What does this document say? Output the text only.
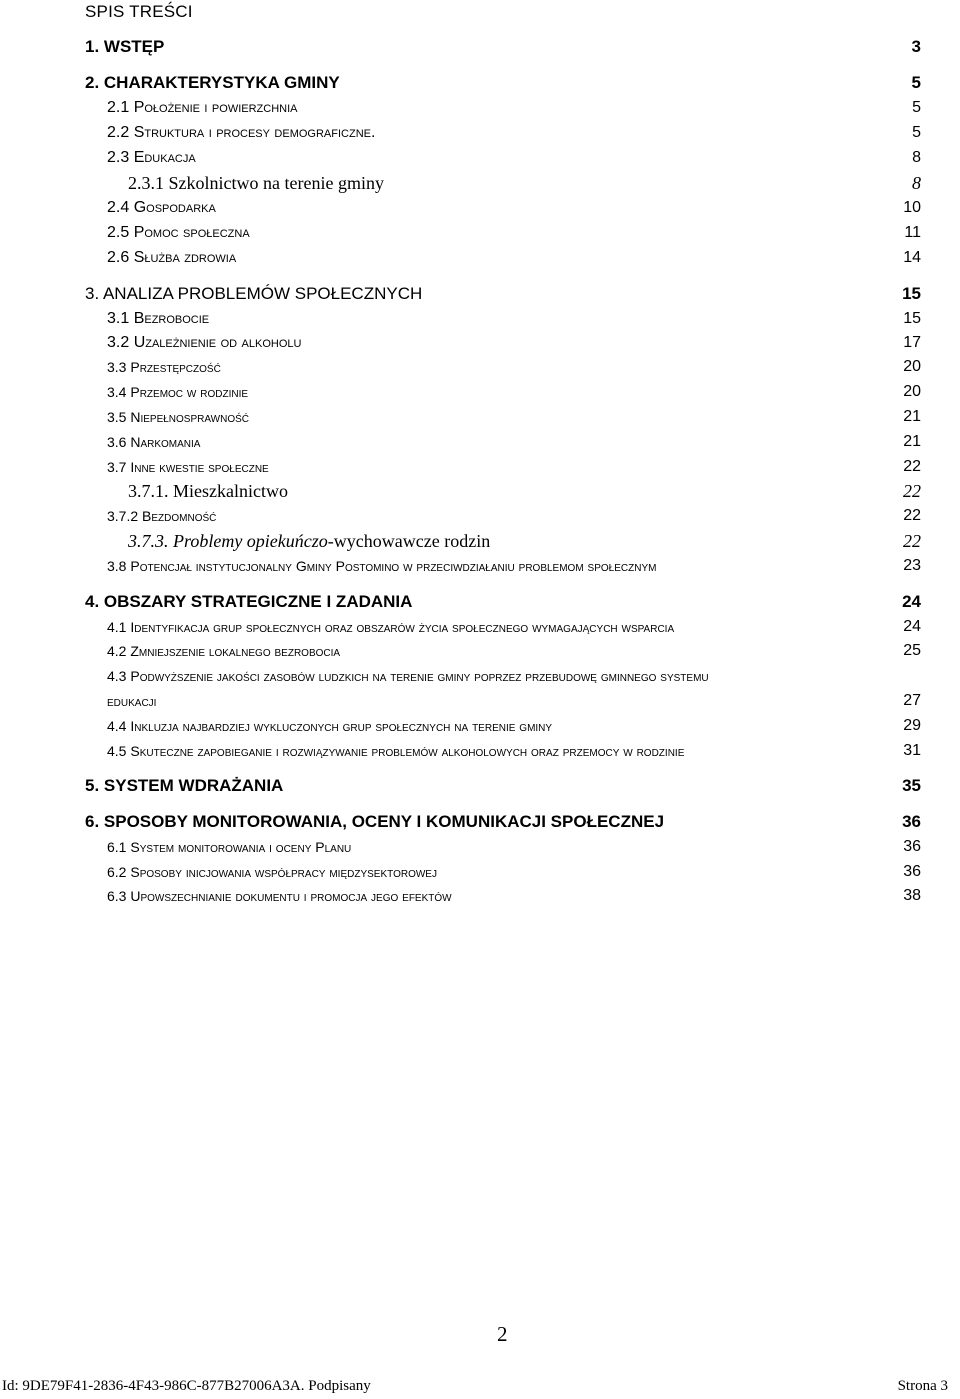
SPIS TREŚCI
1. WSTĘP	3
2. CHARAKTERYSTYKA GMINY	5
2.1 Położenie i powierzchnia	5
2.2 Struktura i procesy demograficzne.	5
2.3 Edukacja	8
2.3.1 Szkolnictwo na terenie gminy	8
2.4 Gospodarka	10
2.5 Pomoc społeczna	11
2.6 Służba zdrowia	14
3. ANALIZA PROBLEMÓW SPOŁECZNYCH	15
3.1 Bezrobocie	15
3.2 Uzależnienie od alkoholu	17
3.3 Przestępczość	20
3.4 Przemoc w rodzinie	20
3.5 Niepełnosprawność	21
3.6 Narkomania	21
3.7 Inne kwestie społeczne	22
3.7.1. Mieszkalnictwo	22
3.7.2 Bezdomność	22
3.7.3. Problemy opiekuńczo-wychowawcze rodzin	22
3.8 Potencjał instytucjonalny Gminy Postomino w przeciwdziałaniu problemom społecznym	23
4. OBSZARY STRATEGICZNE I ZADANIA	24
4.1 Identyfikacja grup społecznych oraz obszarów życia społecznego wymagających wsparcia	24
4.2 Zmniejszenie lokalnego bezrobocia	25
4.3 Podwyższenie jakości zasobów ludzkich na terenie gminy poprzez przebudowę gminnego systemu
edukacji	27
4.4 Inkluzja najbardziej wykluczonych grup społecznych na terenie gminy	29
4.5 Skuteczne zapobieganie i rozwiązywanie problemów alkoholowych oraz przemocy w rodzinie	31
5. SYSTEM WDRAŻANIA	35
6. SPOSOBY MONITOROWANIA, OCENY I KOMUNIKACJI SPOŁECZNEJ	36
6.1 System monitorowania i oceny Planu	36
6.2 Sposoby inicjowania współpracy międzysektorowej	36
6.3 Upowszechnianie dokumentu i promocja jego efektów	38
2
Id: 9DE79F41-2836-4F43-986C-877B27006A3A. Podpisany	Strona 3
